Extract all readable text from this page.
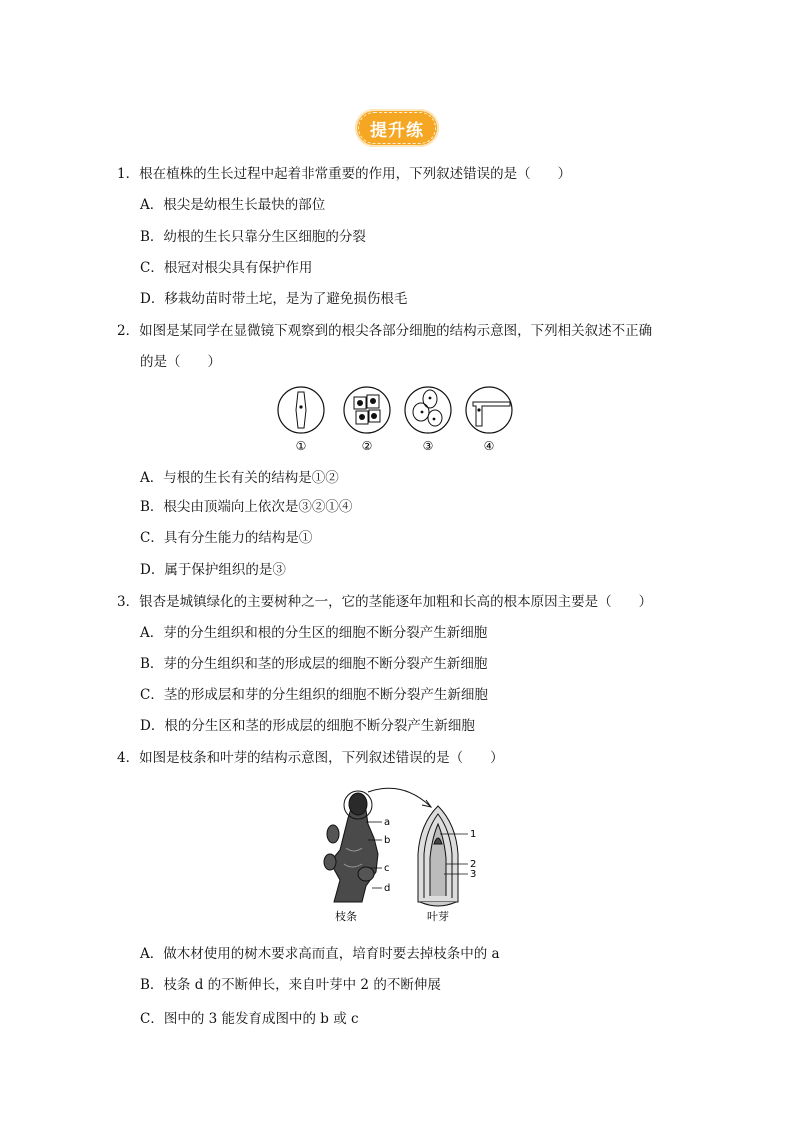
提升练
1．根在植株的生长过程中起着非常重要的作用，下列叙述错误的是（　　）
A．根尖是幼根生长最快的部位
B．幼根的生长只靠分生区细胞的分裂
C．根冠对根尖具有保护作用
D．移栽幼苗时带土坨，是为了避免损伤根毛
2．如图是某同学在显微镜下观察到的根尖各部分细胞的结构示意图，下列相关叙述不正确
的是（　　）
①	②	③	④
A．与根的生长有关的结构是①②
B．根尖由顶端向上依次是③②①④
C．具有分生能力的结构是①
D．属于保护组织的是③
3．银杏是城镇绿化的主要树种之一，它的茎能逐年加粗和长高的根本原因主要是（　　）
A．芽的分生组织和根的分生区的细胞不断分裂产生新细胞
B．芽的分生组织和茎的形成层的细胞不断分裂产生新细胞
C．茎的形成层和芽的分生组织的细胞不断分裂产生新细胞
D．根的分生区和茎的形成层的细胞不断分裂产生新细胞
4．如图是枝条和叶芽的结构示意图，下列叙述错误的是（　　）
a
b
c
d
1
2
3
枝条	叶芽
A．做木材使用的树木要求高而直，培育时要去掉枝条中的 a
B．枝条 d 的不断伸长，来自叶芽中 2 的不断伸展
C．图中的 3 能发育成图中的 b 或 c
